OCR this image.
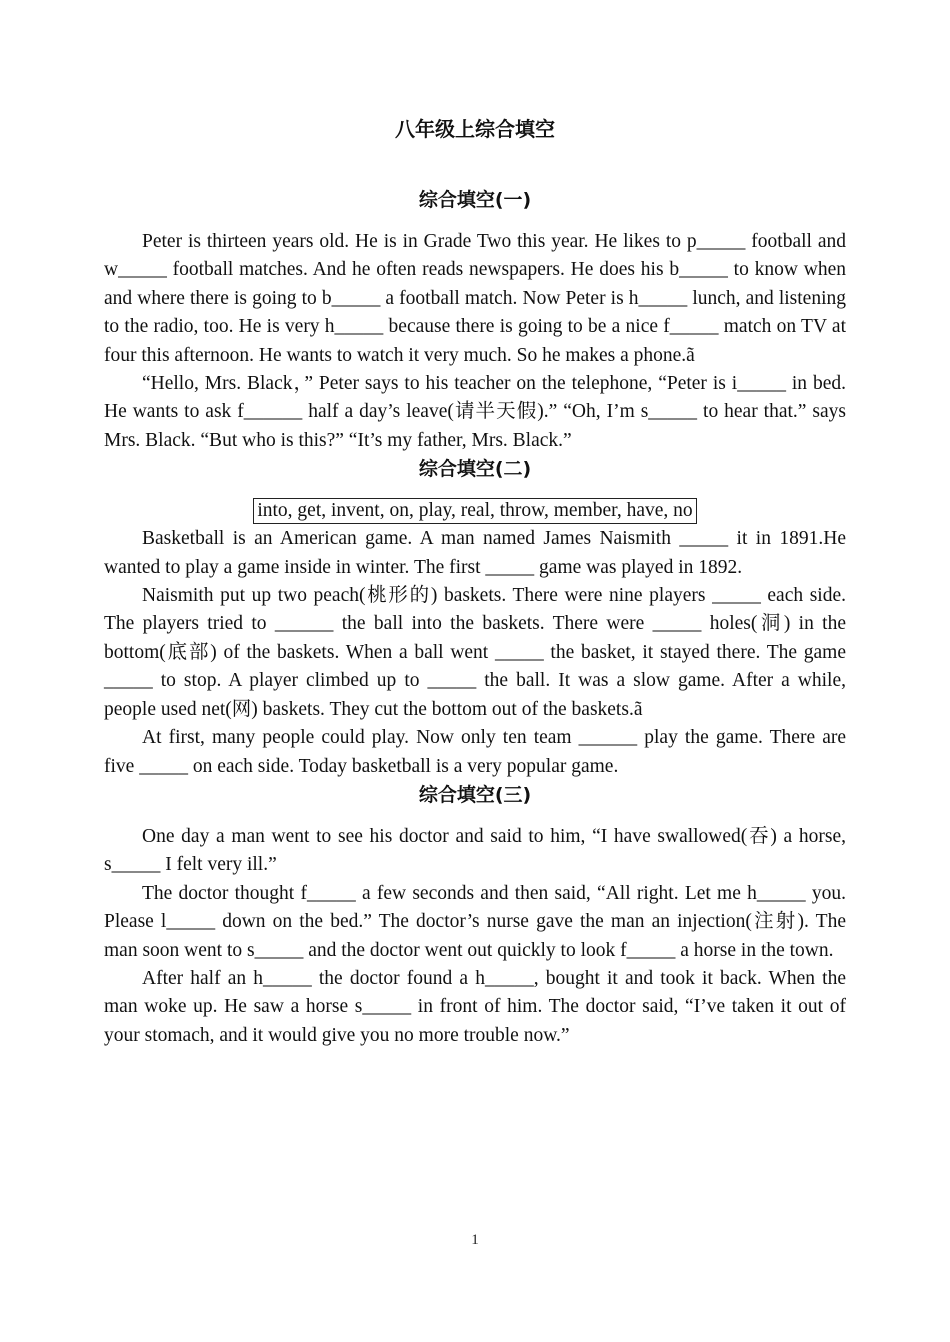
八年级上综合填空
综合填空(一)

Peter is thirteen years old. He is in Grade Two this year. He likes to p_____ football and w_____ football matches. And he often reads newspapers. He does his b_____ to know when and where there is going to b_____ a football match. Now Peter is h_____ lunch, and listening to the radio, too. He is very h_____ because there is going to be a nice f_____ match on TV at four this afternoon. He wants to watch it very much. So he makes a phone.ã

“Hello, Mrs. Black，” Peter says to his teacher on the telephone, “Peter is i_____ in bed. He wants to ask f______ half a day’s leave(请半天假).” “Oh, I’m s_____ to hear that.” says Mrs. Black. “But who is this?” “It’s my father, Mrs. Black.”

综合填空(二)
into, get, invent, on, play, real, throw, member, have, no

Basketball is an American game. A man named James Naismith _____ it in 1891.He wanted to play a game inside in winter. The first _____ game was played in 1892.

Naismith put up two peach(桃形的) baskets. There were nine players _____ each side. The players tried to ______ the ball into the baskets. There were _____ holes(洞) in the bottom(底部) of the baskets. When a ball went _____ the basket, it stayed there. The game _____ to stop. A player climbed up to _____ the ball. It was a slow game. After a while, people used net(网) baskets. They cut the bottom out of the baskets.ã

At first, many people could play. Now only ten team ______ play the game. There are five _____ on each side. Today basketball is a very popular game.

综合填空(三)

One day a man went to see his doctor and said to him, “I have swallowed(吞) a horse, s_____ I felt very ill.”

The doctor thought f_____ a few seconds and then said, “All right. Let me h_____ you. Please l_____ down on the bed.” The doctor’s nurse gave the man an injection(注射). The man soon went to s_____ and the doctor went out quickly to look f_____ a horse in the town.

After half an h_____ the doctor found a h_____, bought it and took it back. When the man woke up. He saw a horse s_____ in front of him. The doctor said, “I’ve taken it out of your stomach, and it would give you no more trouble now.”

1
